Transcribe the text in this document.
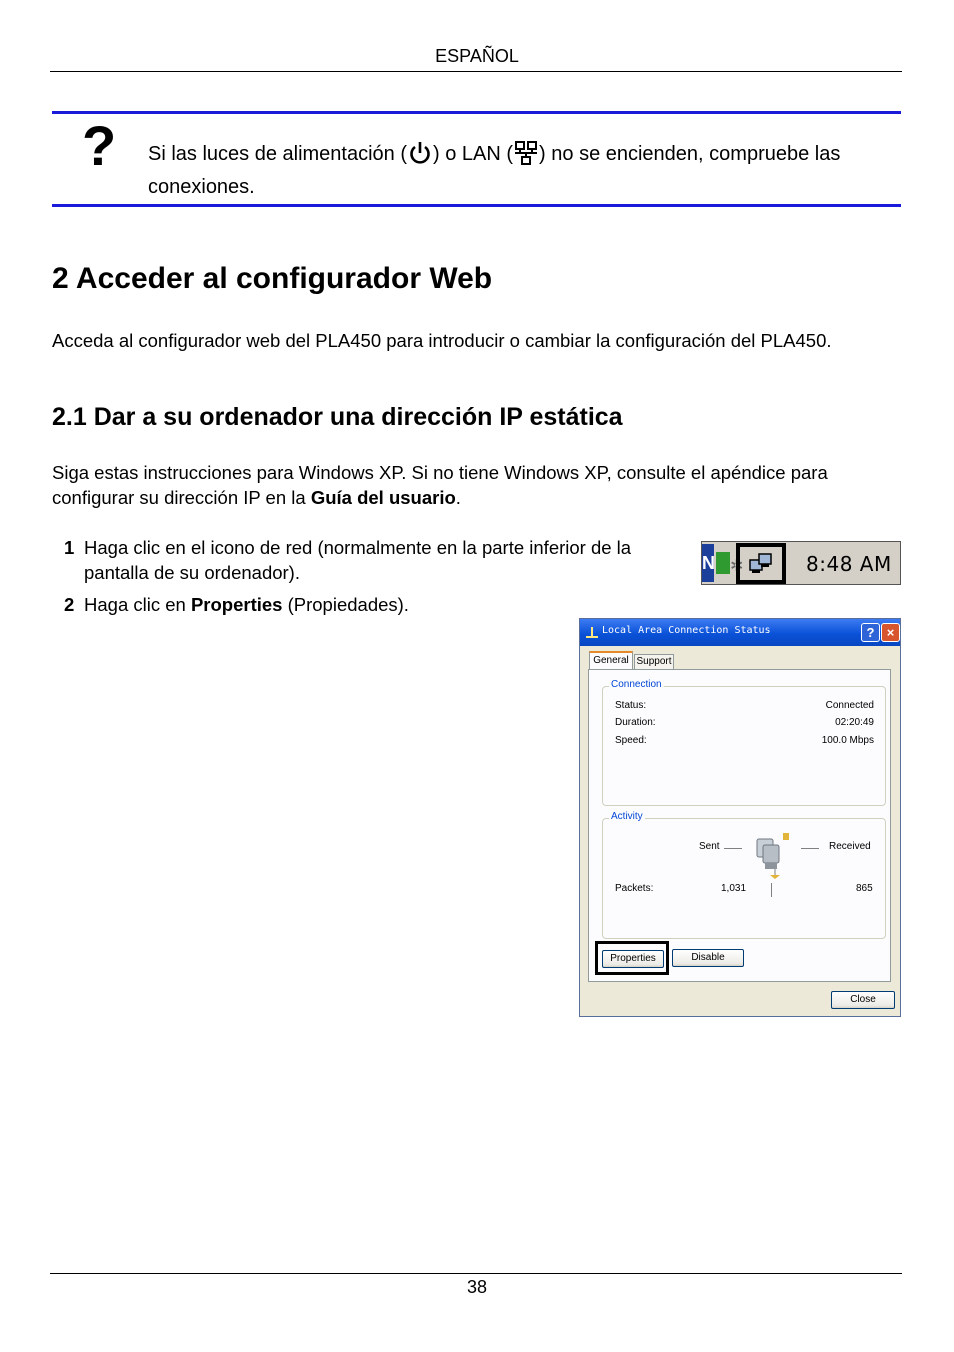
ESPAÑOL
? Si las luces de alimentación ( ) o LAN ( ) no se encienden, compruebe las conexiones.
2 Acceder al configurador Web

Acceda al configurador web del PLA450 para introducir o cambiar la configuración del PLA450.

2.1 Dar a su ordenador una dirección IP estática

Siga estas instrucciones para Windows XP. Si no tiene Windows XP, consulte el apéndice para configurar su dirección IP en la Guía del usuario.

1 Haga clic en el icono de red (normalmente en la parte inferior de la pantalla de su ordenador).
2 Haga clic en Properties (Propiedades).
N ✲	8:48 AM
Local Area Connection Status	? ×
General Support
Connection
Status:	Connected
Duration:	02:20:49
Speed:	100.0 Mbps
Activity
Sent	Received
Packets:	1,031	865
Properties	Disable
Close
38
